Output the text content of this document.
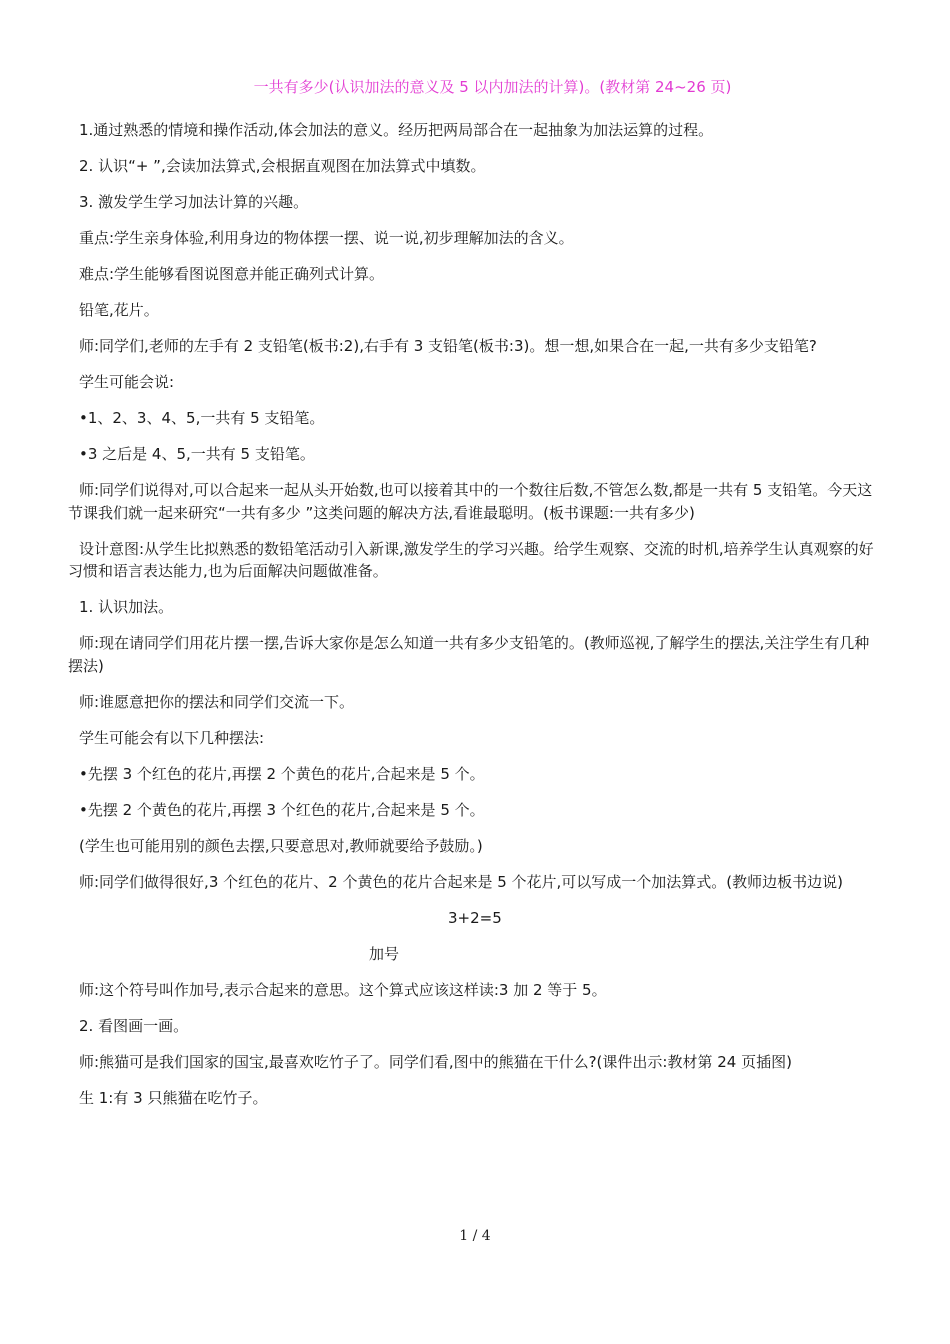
一共有多少(认识加法的意义及 5 以内加法的计算)。(教材第 24~26 页)

1.通过熟悉的情境和操作活动,体会加法的意义。经历把两局部合在一起抽象为加法运算的过程。

2. 认识“+ ”,会读加法算式,会根据直观图在加法算式中填数。

3. 激发学生学习加法计算的兴趣。

重点:学生亲身体验,利用身边的物体摆一摆、说一说,初步理解加法的含义。

难点:学生能够看图说图意并能正确列式计算。

铅笔,花片。

师:同学们,老师的左手有 2 支铅笔(板书:2),右手有 3 支铅笔(板书:3)。想一想,如果合在一起,一共有多少支铅笔?

学生可能会说:

•1、2、3、4、5,一共有 5 支铅笔。

•3 之后是 4、5,一共有 5 支铅笔。

师:同学们说得对,可以合起来一起从头开始数,也可以接着其中的一个数往后数,不管怎么数,都是一共有 5 支铅笔。今天这节课我们就一起来研究“一共有多少 ”这类问题的解决方法,看谁最聪明。(板书课题:一共有多少)

设计意图:从学生比拟熟悉的数铅笔活动引入新课,激发学生的学习兴趣。给学生观察、交流的时机,培养学生认真观察的好习惯和语言表达能力,也为后面解决问题做准备。

1. 认识加法。

师:现在请同学们用花片摆一摆,告诉大家你是怎么知道一共有多少支铅笔的。(教师巡视,了解学生的摆法,关注学生有几种摆法)

师:谁愿意把你的摆法和同学们交流一下。

学生可能会有以下几种摆法:

•先摆 3 个红色的花片,再摆 2 个黄色的花片,合起来是 5 个。

•先摆 2 个黄色的花片,再摆 3 个红色的花片,合起来是 5 个。

(学生也可能用别的颜色去摆,只要意思对,教师就要给予鼓励。)

师:同学们做得很好,3 个红色的花片、2 个黄色的花片合起来是 5 个花片,可以写成一个加法算式。(教师边板书边说)

3+2=5
加号

师:这个符号叫作加号,表示合起来的意思。这个算式应该这样读:3 加 2 等于 5。

2. 看图画一画。

师:熊猫可是我们国家的国宝,最喜欢吃竹子了。同学们看,图中的熊猫在干什么?(课件出示:教材第 24 页插图)

生 1:有 3 只熊猫在吃竹子。

1 / 4
